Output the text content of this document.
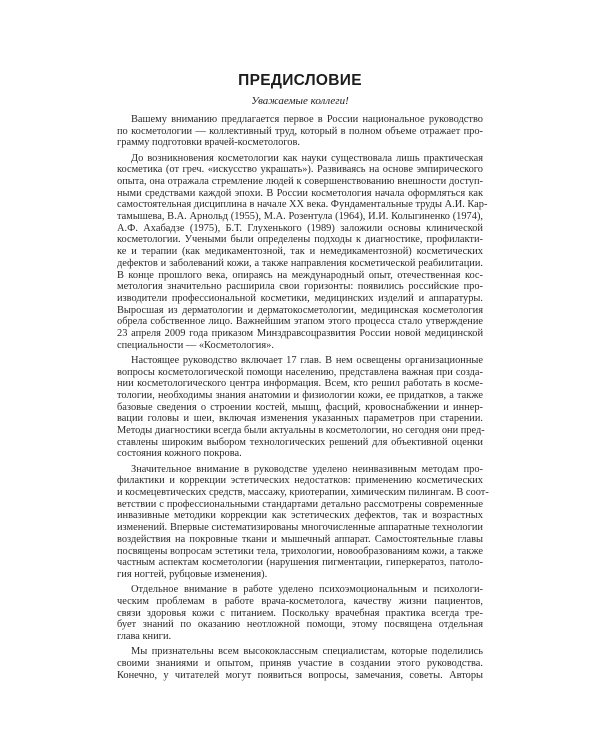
ПРЕДИСЛОВИЕ

Уважаемые коллеги!

Вашему вниманию предлагается первое в России национальное руководство
по косметологии — коллективный труд, который в полном объеме отражает про-
грамму подготовки врачей-косметологов.
До возникновения косметологии как науки существовала лишь практическая
косметика (от греч. «искусство украшать»). Развиваясь на основе эмпирического
опыта, она отражала стремление людей к совершенствованию внешности доступ-
ными средствами каждой эпохи. В России косметология начала оформляться как
самостоятельная дисциплина в начале XX века. Фундаментальные труды А.И. Кар-
тамышева, В.А. Арнольд (1955), М.А. Розентула (1964), И.И. Колыгиненко (1974),
А.Ф. Ахабадзе (1975), Б.Т. Глухенького (1989) заложили основы клинической
косметологии. Учеными были определены подходы к диагностике, профилакти-
ке и терапии (как медикаментозной, так и немедикаментозной) косметических
дефектов и заболеваний кожи, а также направления косметической реабилитации.
В конце прошлого века, опираясь на международный опыт, отечественная кос-
метология значительно расширила свои горизонты: появились российские про-
изводители профессиональной косметики, медицинских изделий и аппаратуры.
Выросшая из дерматологии и дерматокосметологии, медицинская косметология
обрела собственное лицо. Важнейшим этапом этого процесса стало утверждение
23 апреля 2009 года приказом Минздравсоцразвития России новой медицинской
специальности — «Косметология».
Настоящее руководство включает 17 глав. В нем освещены организационные
вопросы косметологической помощи населению, представлена важная при созда-
нии косметологического центра информация. Всем, кто решил работать в косме-
тологии, необходимы знания анатомии и физиологии кожи, ее придатков, а также
базовые сведения о строении костей, мышц, фасций, кровоснабжении и иннер-
вации головы и шеи, включая изменения указанных параметров при старении.
Методы диагностики всегда были актуальны в косметологии, но сегодня они пред-
ставлены широким выбором технологических решений для объективной оценки
состояния кожного покрова.
Значительное внимание в руководстве уделено неинвазивным методам про-
филактики и коррекции эстетических недостатков: применению косметических
и космецевтических средств, массажу, криотерапии, химическим пилингам. В соот-
ветствии с профессиональными стандартами детально рассмотрены современные
инвазивные методики коррекции как эстетических дефектов, так и возрастных
изменений. Впервые систематизированы многочисленные аппаратные технологии
воздействия на покровные ткани и мышечный аппарат. Самостоятельные главы
посвящены вопросам эстетики тела, трихологии, новообразованиям кожи, а также
частным аспектам косметологии (нарушения пигментации, гиперкератоз, патоло-
гия ногтей, рубцовые изменения).
Отдельное внимание в работе уделено психоэмоциональным и психологи-
ческим проблемам в работе врача-косметолога, качеству жизни пациентов,
связи здоровья кожи с питанием. Поскольку врачебная практика всегда тре-
бует знаний по оказанию неотложной помощи, этому посвящена отдельная
глава книги.
Мы признательны всем высококлассным специалистам, которые поделились
своими знаниями и опытом, приняв участие в создании этого руководства.
Конечно, у читателей могут появиться вопросы, замечания, советы. Авторы
